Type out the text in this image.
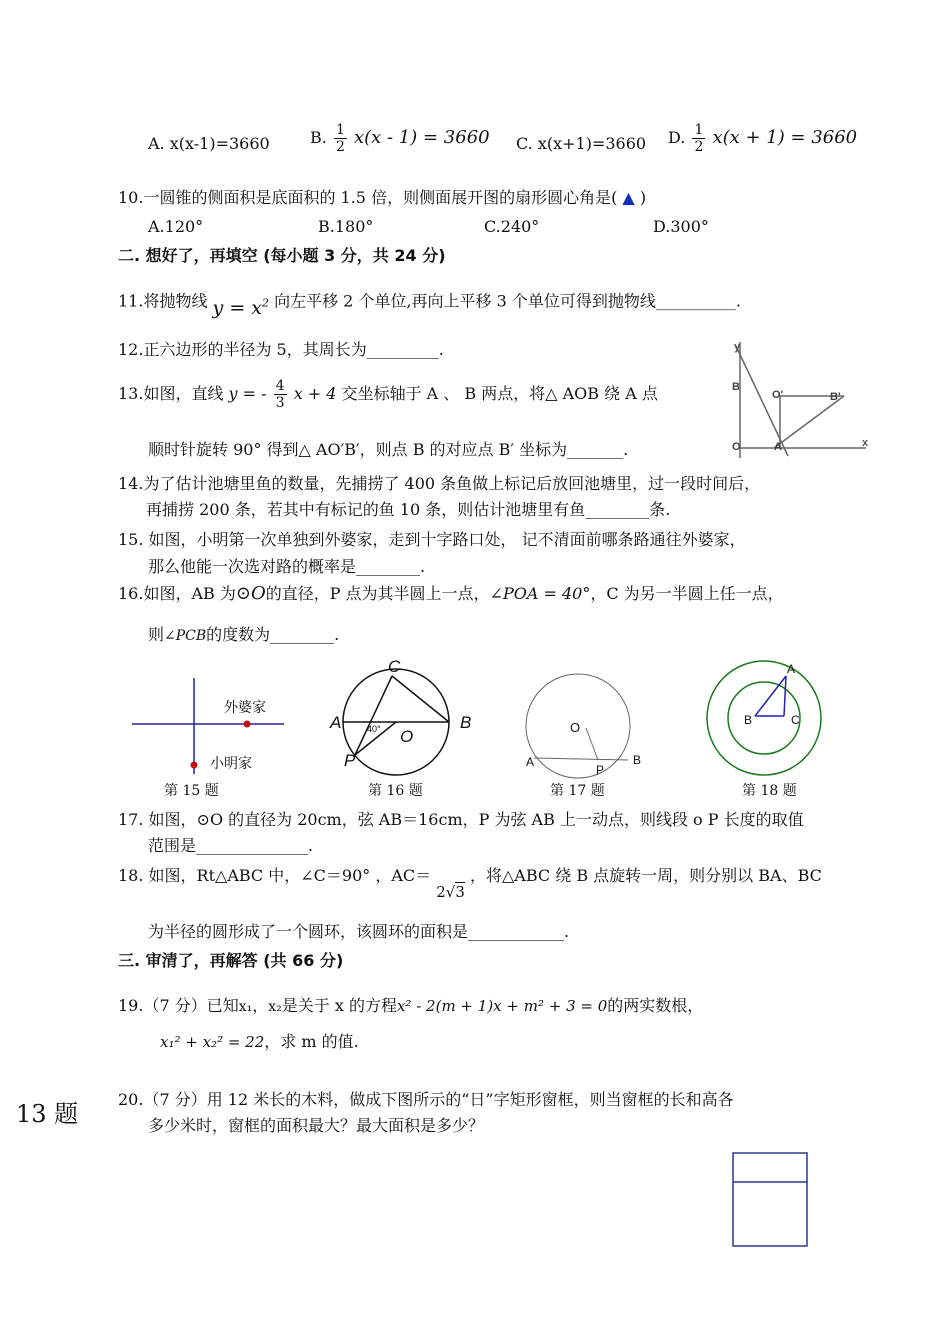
A. x(x-1)=3660	B. $\frac{1}{2} x(x - 1) = 3660$ C. x(x+1)=3660 D. $\frac{1}{2} x(x + 1) = 3660$
10.一圆锥的侧面积是底面积的 1.5 倍，则侧面展开图的扇形圆心角是( ▲ )
A.120°	B.180°	C.240°	D.300°
二. 想好了，再填空 (每小题 3 分，共 24 分)
11.将抛物线 $y = x^2$ 向左平移 2 个单位,再向上平移 3 个单位可得到抛物线__________.
12.正六边形的半径为 5，其周长为_________.
13.如图，直线 y = - $\frac{4}{3}$ x + 4 交坐标轴于 A 、 B 两点，将△ AOB 绕 A 点
顺时针旋转 90° 得到△ AO′B′，则点 B 的对应点 B′ 坐标为_______.
y
x
B
O'	B'
O	A
14.为了估计池塘里鱼的数量，先捕捞了 400 条鱼做上标记后放回池塘里，过一段时间后，
再捕捞 200 条，若其中有标记的鱼 10 条，则估计池塘里有鱼________条.
15. 如图，小明第一次单独到外婆家，走到十字路口处， 记不清面前哪条路通往外婆家，
那么他能一次选对路的概率是________.
16.如图，AB 为⊙O的直径，P 点为其半圆上一点，∠POA = 40°，C 为另一半圆上任一点，
则∠PCB的度数为________.
外婆家
小明家
第 15 题
C
A	B
P
O
40°
第 16 题
O
A
P
B
第 17 题
A
B	C
第 18 题
17. 如图，⊙O 的直径为 20cm，弦 AB＝16cm，P 为弦 AB 上一动点，则线段 o P 长度的取值
范围是______________.
18. 如图，Rt△ABC 中，∠C＝90° ，AC＝ 2√3 ，将△ABC 绕 B 点旋转一周，则分别以 BA、BC
为半径的圆形成了一个圆环，该圆环的面积是____________.
三. 审清了，再解答 (共 66 分)
19.（7 分）已知x₁，x₂是关于 x 的方程x² - 2(m + 1)x + m² + 3 = 0的两实数根，
x₁² + x₂² = 22，求 m 的值.
13 题
20.（7 分）用 12 米长的木料，做成下图所示的“日”字矩形窗框，则当窗框的长和高各
多少米时，窗框的面积最大？最大面积是多少？
